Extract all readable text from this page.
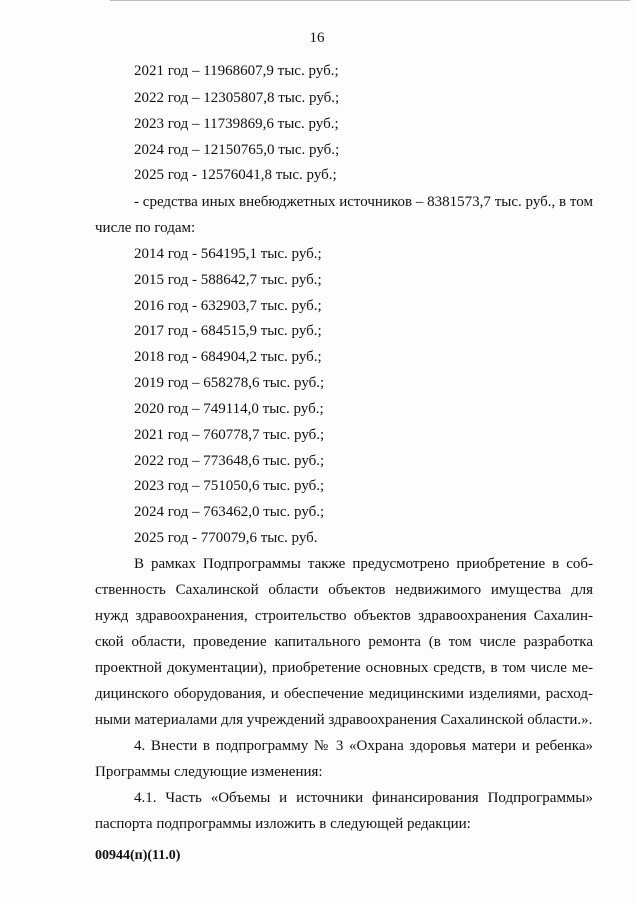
16
2021 год – 11968607,9 тыс. руб.;
2022 год – 12305807,8 тыс. руб.;
2023 год – 11739869,6 тыс. руб.;
2024 год – 12150765,0 тыс. руб.;
2025 год - 12576041,8 тыс. руб.;
- средства иных внебюджетных источников – 8381573,7 тыс. руб., в том
числе по годам:
2014 год - 564195,1 тыс. руб.;
2015 год - 588642,7 тыс. руб.;
2016 год - 632903,7 тыс. руб.;
2017 год - 684515,9 тыс. руб.;
2018 год - 684904,2 тыс. руб.;
2019 год – 658278,6 тыс. руб.;
2020 год – 749114,0 тыс. руб.;
2021 год – 760778,7 тыс. руб.;
2022 год – 773648,6 тыс. руб.;
2023 год – 751050,6 тыс. руб.;
2024 год – 763462,0 тыс. руб.;
2025 год - 770079,6 тыс. руб.
В рамках Подпрограммы также предусмотрено приобретение в соб-
ственность Сахалинской области объектов недвижимого имущества для
нужд здравоохранения, строительство объектов здравоохранения Сахалин-
ской области, проведение капитального ремонта (в том числе разработка
проектной документации), приобретение основных средств, в том числе ме-
дицинского оборудования, и обеспечение медицинскими изделиями, расход-
ными материалами для учреждений здравоохранения Сахалинской области.».
4. Внести в подпрограмму № 3 «Охрана здоровья матери и ребенка»
Программы следующие изменения:
4.1. Часть «Объемы и источники финансирования Подпрограммы»
паспорта подпрограммы изложить в следующей редакции:
00944(п)(11.0)
